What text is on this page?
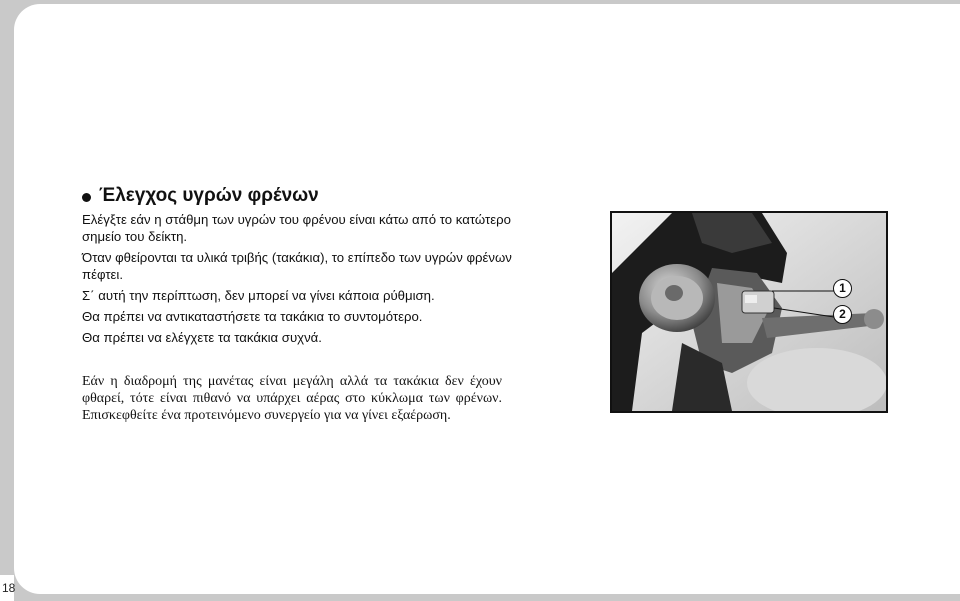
18
Έλεγχος υγρών φρένων

Ελέγξτε εάν η στάθμη των υγρών του φρένου είναι κάτω από το κατώτερο σημείο του δείκτη.

Όταν φθείρονται τα υλικά τριβής (τακάκια), το επίπεδο των υγρών φρένων πέφτει.

Σ΄ αυτή την περίπτωση, δεν μπορεί να γίνει κάποια ρύθμιση.

Θα πρέπει να αντικαταστήσετε τα τακάκια το συντομότερο.

Θα πρέπει να ελέγχετε τα τακάκια συχνά.

Εάν η διαδρομή της μανέτας είναι μεγάλη αλλά τα τακάκια δεν έχουν φθαρεί, τότε είναι πιθανό να υπάρχει αέρας στο κύκλωμα των φρένων. Επισκεφθείτε ένα προτεινόμενο συνεργείο για να γίνει εξαέρωση.

1
2
